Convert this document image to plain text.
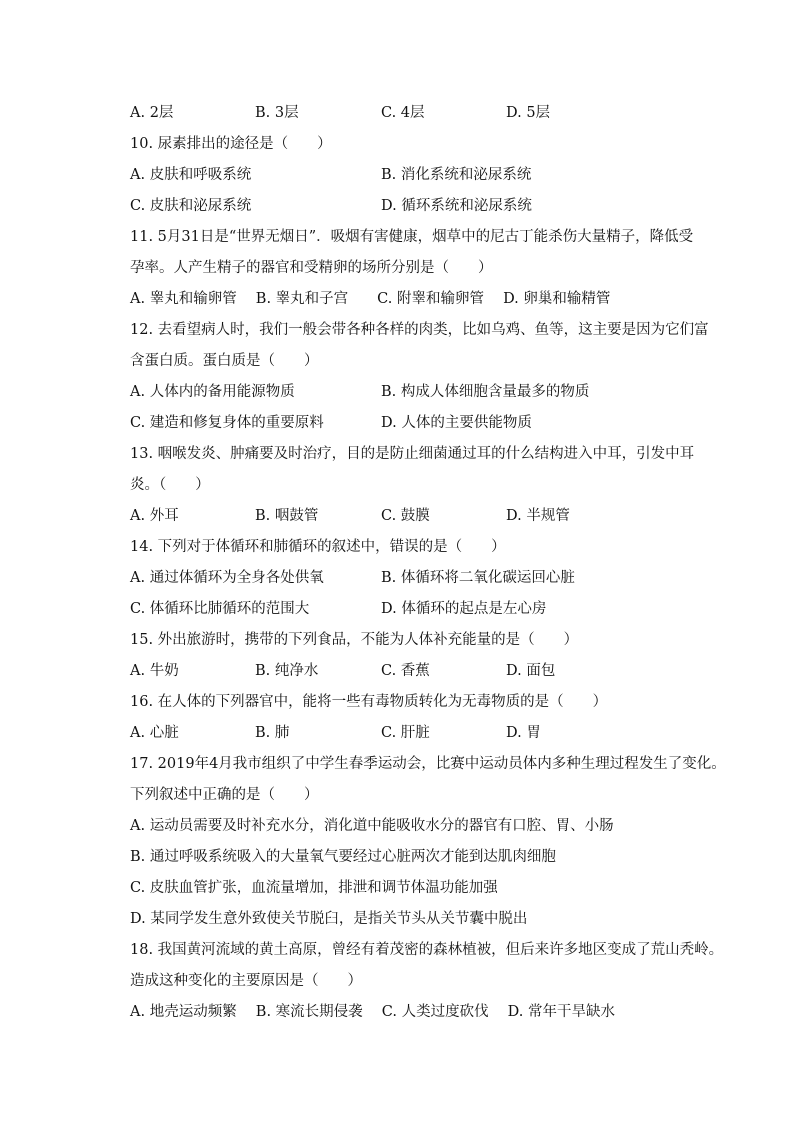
A. 2层	B. 3层	C. 4层	D. 5层
10. 尿素排出的途径是（　　）
A. 皮肤和呼吸系统	B. 消化系统和泌尿系统
C. 皮肤和泌尿系统	D. 循环系统和泌尿系统
11. 5月31日是“世界无烟日”．吸烟有害健康，烟草中的尼古丁能杀伤大量精子，降低受
孕率。人产生精子的器官和受精卵的场所分别是（　　）
A. 睾丸和输卵管　 B. 睾丸和子宫　　C. 附睾和输卵管　 D. 卵巢和输精管
12. 去看望病人时，我们一般会带各种各样的肉类，比如乌鸡、鱼等，这主要是因为它们富
含蛋白质。蛋白质是（　　）
A. 人体内的备用能源物质	B. 构成人体细胞含量最多的物质
C. 建造和修复身体的重要原料	D. 人体的主要供能物质
13. 咽喉发炎、肿痛要及时治疗，目的是防止细菌通过耳的什么结构进入中耳，引发中耳
炎。（　　）
A. 外耳	B. 咽鼓管	C. 鼓膜	D. 半规管
14. 下列对于体循环和肺循环的叙述中，错误的是（　　）
A. 通过体循环为全身各处供氧	B. 体循环将二氧化碳运回心脏
C. 体循环比肺循环的范围大	D. 体循环的起点是左心房
15. 外出旅游时，携带的下列食品，不能为人体补充能量的是（　　）
A. 牛奶	B. 纯净水	C. 香蕉	D. 面包
16. 在人体的下列器官中，能将一些有毒物质转化为无毒物质的是（　　）
A. 心脏	B. 肺	C. 肝脏	D. 胃
17. 2019年4月我市组织了中学生春季运动会，比赛中运动员体内多种生理过程发生了变化。
下列叙述中正确的是（　　）
A. 运动员需要及时补充水分，消化道中能吸收水分的器官有口腔、胃、小肠
B. 通过呼吸系统吸入的大量氧气要经过心脏两次才能到达肌肉细胞
C. 皮肤血管扩张，血流量增加，排泄和调节体温功能加强
D. 某同学发生意外致使关节脱臼，是指关节头从关节囊中脱出
18. 我国黄河流域的黄土高原，曾经有着茂密的森林植被，但后来许多地区变成了荒山秃岭。
造成这种变化的主要原因是（　　）
A. 地壳运动频繁　 B. 寒流长期侵袭　 C. 人类过度砍伐　 D. 常年干旱缺水
